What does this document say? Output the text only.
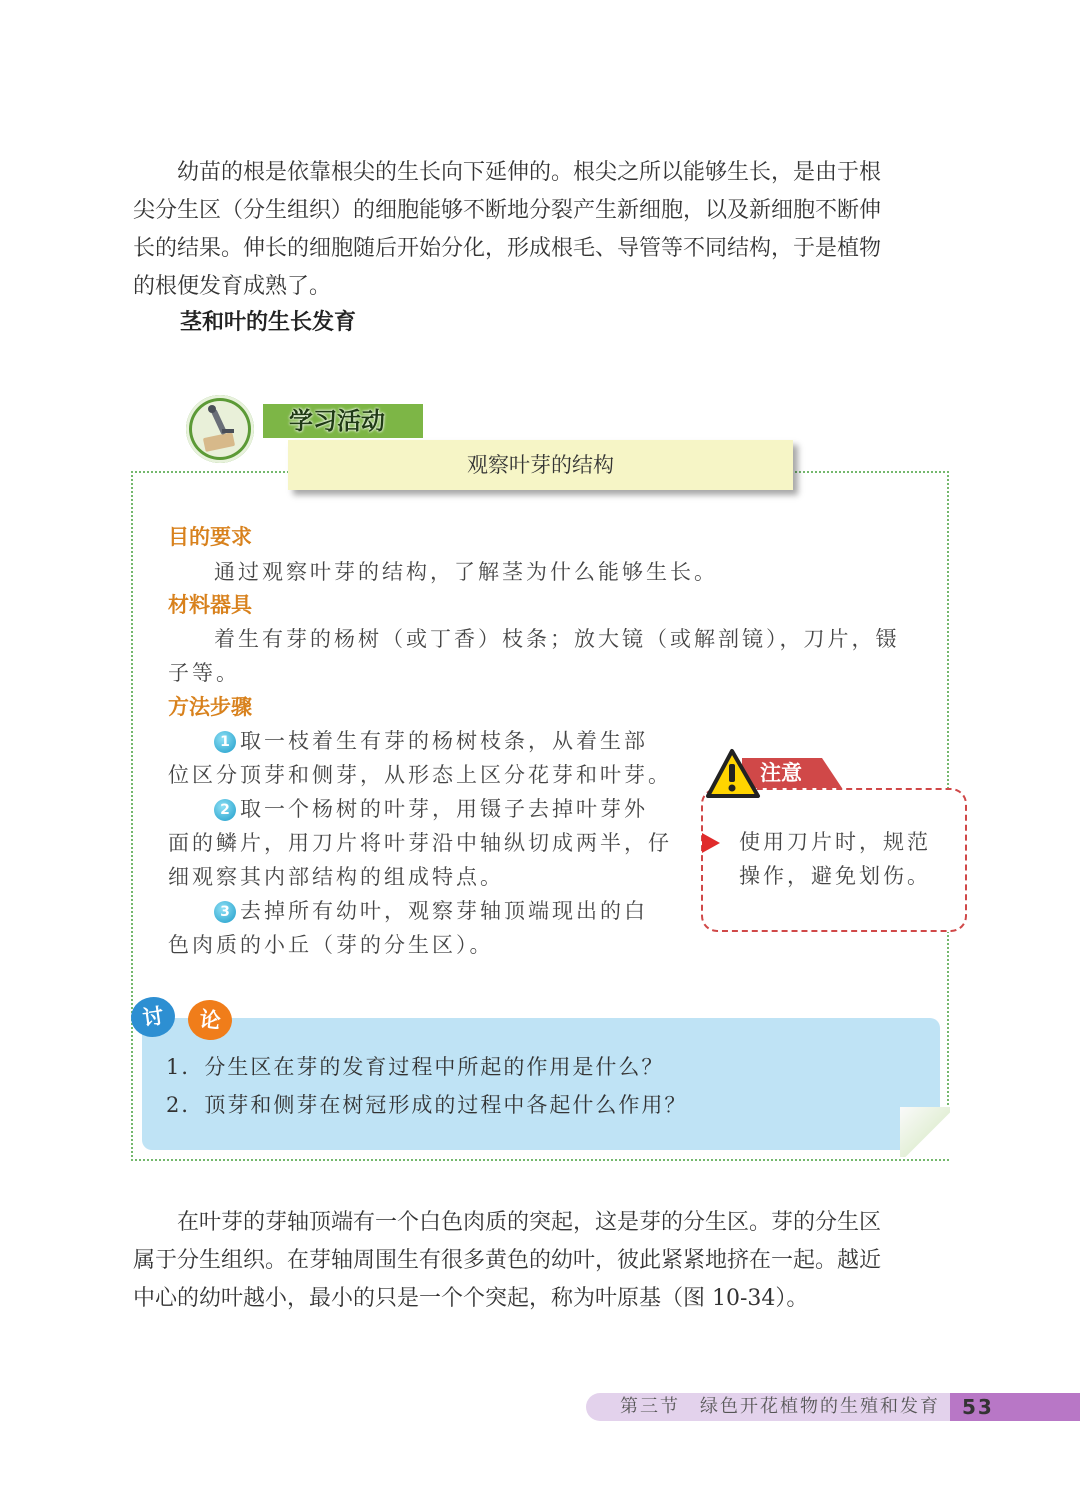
幼苗的根是依靠根尖的生长向下延伸的。根尖之所以能够生长，是由于根
尖分生区（分生组织）的细胞能够不断地分裂产生新细胞，以及新细胞不断伸
长的结果。伸长的细胞随后开始分化，形成根毛、导管等不同结构，于是植物
的根便发育成熟了。
茎和叶的生长发育
学习活动
观察叶芽的结构
目的要求
通过观察叶芽的结构，了解茎为什么能够生长。
材料器具
着生有芽的杨树（或丁香）枝条；放大镜（或解剖镜），刀片，镊
子等。
方法步骤
1 取一枝着生有芽的杨树枝条，从着生部
位区分顶芽和侧芽，从形态上区分花芽和叶芽。
2 取一个杨树的叶芽，用镊子去掉叶芽外
面的鳞片，用刀片将叶芽沿中轴纵切成两半，仔
细观察其内部结构的组成特点。
3 去掉所有幼叶，观察芽轴顶端现出的白
色肉质的小丘（芽的分生区）。
注意
使用刀片时，规范
操作，避免划伤。
讨	论
1．分生区在芽的发育过程中所起的作用是什么？
2．顶芽和侧芽在树冠形成的过程中各起什么作用？
在叶芽的芽轴顶端有一个白色肉质的突起，这是芽的分生区。芽的分生区
属于分生组织。在芽轴周围生有很多黄色的幼叶，彼此紧紧地挤在一起。越近
中心的幼叶越小，最小的只是一个个突起，称为叶原基（图 10-34）。
第三节　绿色开花植物的生殖和发育 53
